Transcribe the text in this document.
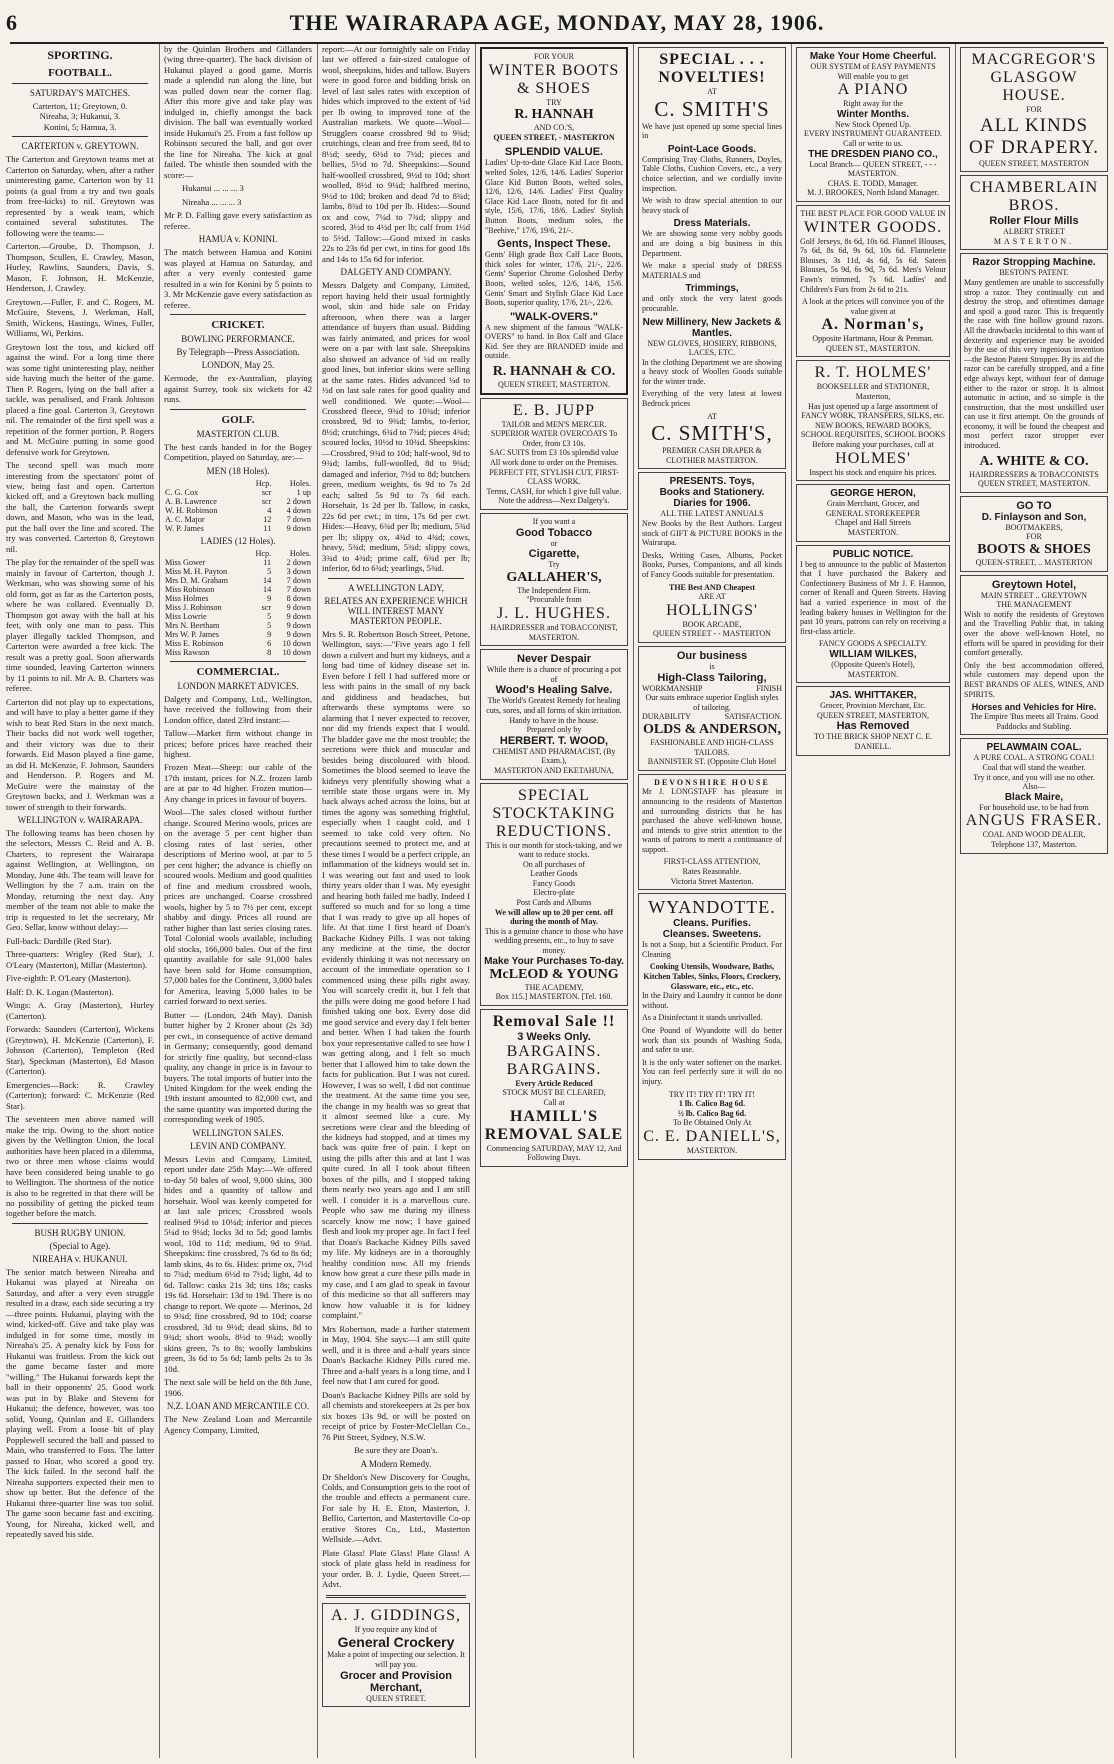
6	THE WAIRARAPA AGE, MONDAY, MAY 28, 1906.
SPORTING.
FOOTBALL.
SATURDAY'S MATCHES.
Carterton, 11; Greytown, 0.
Nireaha, 3; Hukanui, 3.
Konini, 5; Hamua, 3.
CARTERTON v. GREYTOWN.

The Carterton and Greytown teams met at Carterton on Saturday, when, after a rather uninteresting game, Carterton won by 11 points (a goal from a try and two goals from free-kicks) to nil. Greytown was represented by a weak team, which contained several substitutes. The following were the teams:—

Carterton.—Groube, D. Thompson, J. Thompson, Scullen, E. Crawley, Mason, Hurley, Rawlins, Saunders, Davis, S. Mason, F. Johnson, H. McKenzie, Henderson, J. Crawley.

Greytown.—Fuller, F. and C. Rogers, M. McGuire, Stevens, J. Werkman, Hall, Smith, Wickens, Hastings, Wines, Fuller, Williams, Wi, Perkins.

Greytown lost the toss, and kicked off against the wind. For a long time there was some tight uninteresting play, neither side having much the better of the game. Then P. Rogers, lying on the ball after a tackle, was penalised, and Frank Johnson placed a fine goal. Carterton 3, Greytown nil. The remainder of the first spell was a repetition of the former portion, P. Rogers and M. McGuire putting in some good defensive work for Greytown.

The second spell was much more interesting from the spectators' point of view, being fast and open. Carterton kicked off, and a Greytown back mulling the ball, the Carterton forwards swept down, and Mason, who was in the lead, put the ball over the line and scored. The try was converted. Carterton 8, Greytown nil.

The play for the remainder of the spell was mainly in favour of Carterton, though J. Werkman, who was showing some of his old form, got as far as the Carterton posts, where he was collared. Eventually D. Thompson got away with the ball at his feet, with only one man to pass. This player illegally tackled Thompson, and Carterton were awarded a free kick. The result was a pretty goal. Soon afterwards time sounded, leaving Carterton winners by 11 points to nil. Mr A. B. Charters was referee.

Carterton did not play up to expectations, and will have to play a better game if they wish to beat Red Stars in the next match. Their backs did not work well together, and their victory was due to their forwards. Eid Mason played a fine game, as did H. McKenzie, F. Johnson, Saunders and Henderson. P. Rogers and M. McGuire were the mainstay of the Greytown backs, and J. Werkman was a tower of strength to their forwards.

WELLINGTON v. WAIRARAPA.

The following teams has been chosen by the selectors, Messrs C. Reid and A. B. Charters, to represent the Wairarapa against Wellington, at Wellington, on Monday, June 4th. The team will leave for Wellington by the 7 a.m. train on the Monday, returning the next day. Any member of the team not able to make the trip is requested to let the secretary, Mr Geo. Sellar, know without delay:—

Full-back: Dardille (Red Star).

Three-quarters: Wrigley (Red Star), J. O'Leary (Masterton), Millar (Masterton).

Five-eighth: P. O'Leary (Masterton).

Half: D. K. Logan (Masterton).

Wings: A. Gray (Masterton), Hurley (Carterton).

Forwards: Saunders (Carterton), Wickens (Greytown), H. McKenzie (Carterton), F. Johnson (Carterton), Templeton (Red Star), Speckman (Masterton), Ed Mason (Carterton).

Emergencies—Back: R. Crawley (Carterton); forward: C. McKenzie (Red Star).

The seventeen men above named will make the trip. Owing to the short notice given by the Wellington Union, the local authorities have been placed in a dilemma, two or three men whose claims would have been considered being unable to go to Wellington. The shortness of the notice is also to be regretted in that there will be no possibility of getting the picked team together before the match.

BUSH RUGBY UNION.
(Special to Age).
NIREAHA v. HUKANUI.

The senior match between Nireaha and Hukanui was played at Nireaha on Saturday, and after a very even struggle resulted in a draw, each side securing a try—three points. Hukanui, playing with the wind, kicked-off. Give and take play was indulged in for some time, mostly in Nireaha's 25. A penalty kick by Foss for Hukanui was fruitless. From the kick out the game became faster and more "willing." The Hukanui forwards kept the ball in their opponents' 25. Good work was put in by Blake and Stevens for Hukanui; the defence, however, was too solid, Young, Quinlan and E. Gillanders playing well. From a loose bit of play Popplewell secured the ball and passed to Main, who transferred to Foss. The latter passed to Hoar, who scored a good try. The kick failed. In the second half the Nireaha supporters expected their men to show up better. But the defence of the Hukanui three-quarter line was too solid. The game soon became fast and exciting. Young, for Nireaha, kicked well, and repeatedly saved his side.

by the Quinlan Brothers and Gillanders (wing three-quarter). The back division of Hukanui played a good game. Morris made a splendid run along the line, but was pulled down near the corner flag. After this more give and take play was indulged in, chiefly amongst the back division. The ball was eventually worked inside Hukanui's 25. From a fast follow up Robinson secured the ball, and got over the line for Nireaha. The kick at goal failed. The whistle then sounded with the score:—

Hukanui ... ... ... 3
Nireaha ... ... ... 3

Mr P. D. Falling gave every satisfaction as referee.

HAMUA v. KONINI.

The match between Hamua and Konini was played at Hamua on Saturday, and after a very evenly contested game resulted in a win for Konini by 5 points to 3. Mr McKenzie gave every satisfaction as referee.

CRICKET.
BOWLING PERFORMANCE.
By Telegraph—Press Association.
LONDON, May 25.

Kermode, the ex-Australian, playing against Surrey, took six wickets for 42 runs.

GOLF.
MASTERTON CLUB.

The best cards handed in for the Bogey Competition, played on Saturday, are:—

MEN (18 Holes).
	Hcp.	Holes.
C. G. Cox	scr	1 up
A. B. Lawrence	scr	2 down
W. H. Robinson	4	4 down
A. C. Major	12	7 down
W. P. James	11	9 down
LADIES (12 Holes).
	Hcp.	Holes.
Miss Gower	11	2 down
Miss M. H. Payton	5	3 down
Mrs D. M. Graham	14	7 down
Miss Robinson	14	7 down
Miss Holmes	9	8 down
Miss J. Robinson	scr	9 down
Miss Lowrie	5	9 down
Mrs N. Beetham	5	9 down
Mrs W. P. James	9	9 down
Miss E. Robinson	6	10 down
Miss Rawson	8	10 down
COMMERCIAL.
LONDON MARKET ADVICES.

Dalgety and Company, Ltd., Wellington, have received the following from their London office, dated 23rd instant:—

Tallow—Market firm without change in prices; before prices have reached their highest.

Frozen Meat—Sheep: our cable of the 17th instant, prices for N.Z. frozen lamb are at par to 4d higher. Frozen mutton—Any change in prices in favour of buyers.

Wool—The sales closed without further change. Scoured Merino wools, prices are on the average 5 per cent higher than closing rates of last series, other descriptions of Merino wool, at par to 5 per cent higher; the advance is chiefly on scoured wools. Medium and good qualities of fine and medium crossbred wools, prices are unchanged. Coarse crossbred wools, higher by 5 to 7½ per cent, except shabby and dingy. Prices all round are rather higher than last series closing rates. Total Colonial wools available, including old stocks, 166,000 bales. Out of the first quantity available for sale 91,000 bales have been sold for Home consumption, 57,000 bales for the Continent, 3,000 bales for America, leaving 5,000 bales to be carried forward to next series.

Butter — (London, 24th May). Danish butter higher by 2 Kroner about (2s 3d) per cwt., in consequence of active demand in Germany; consequently, good demand for strictly fine quality, but second-class quality, any change in price is in favour to buyers. The total imports of butter into the United Kingdom for the week ending the 19th instant amounted to 82,000 cwt, and the same quantity was imported during the corresponding week of 1905.

WELLINGTON SALES.
LEVIN AND COMPANY.

Messrs Levin and Company, Limited, report under date 25th May:—We offered to-day 50 bales of wool, 9,000 skins, 300 hides and a quantity of tallow and horsehair. Wool was keenly competed for at last sale prices; Crossbred wools realised 9½d to 10¼d; inferior and pieces 5¼d to 9¼d; locks 3d to 5d; good lambs wool, 10d to 11d; medium, 9d to 9¾d. Sheepskins: fine crossbred, 7s 6d to 8s 6d; lamb skins, 4s to 6s. Hides: prime ox, 7½d to 7¾d; medium 6½d to 7½d; light, 4d to 6d. Tallow: casks 21s 3d; tins 18s; casks 19s 6d. Horsehair: 13d to 19d. There is no change to report. We quote — Merinos, 2d to 9¾d; fine crossbred, 9d to 10d; coarse crossbred, 3d to 9½d; dead skins, 8d to 9¾d; short wools, 8½d to 9¼d; woolly skins green, 7s to 8s; woolly lambskins green, 3s 6d to 5s 6d; lamb pelts 2s to 3s 10d.

The next sale will be held on the 8th June, 1906.

N.Z. LOAN AND MERCANTILE CO.

The New Zealand Loan and Mercantile Agency Company, Limited,

report:—At our fortnightly sale on Friday last we offered a fair-sized catalogue of wool, sheepskins, hides and tallow. Buyers were in good force and bidding brisk on level of last sales rates with exception of hides which improved to the extent of ¼d per lb owing to improved tone of the Australian markets. We quote—Wool—Strugglers coarse crossbred 9d to 9¾d; crutchings, clean and free from seed, 8d to 8½d; seedy, 6½d to 7½d; pieces and bellies, 5½d to 7d. Sheepskins:—Sound half-woolled crossbred, 9½d to 10d; short woolled, 8½d to 9¼d; halfbred merino, 9½d to 10d; broken and dead 7d to 8¾d; lambs, 8¾d to 10d per lb. Hides:—Sound ox and cow, 7¼d to 7¾d; slippy and scored, 3½d to 4½d per lb; calf from 1½d to 5½d. Tallow:—Good mixed in casks 22s to 23s 6d per cwt, in tins for good 18s and 14s to 15s 6d for inferior.

DALGETY AND COMPANY.

Messrs Dalgety and Company, Limited, report having held their usual fortnightly wool, skin and hide sale on Friday afternoon, when there was a larger attendance of buyers than usual. Bidding was fairly animated, and prices for wool were on a par with last sale. Sheepskins also showed an advance of ¼d on really good lines, but inferior skins were selling at the same rates. Hides advanced ¼d to ½d on last sale rates for good quality and well conditioned. We quote:—Wool—Crossbred fleece, 9¾d to 10¾d; inferior crossbred, 9d to 9¾d; lambs, to-ferior, 8½d; crutchings, 6¾d to 7¾d; pieces 4¾d; scoured locks, 10½d to 10¾d. Sheepskins:—Crossbred, 9¾d to 10d; half-wool, 9d to 9¾d; lambs, full-woolled, 8d to 9¾d; damaged and inferior, 7½d to 8d; butchers green, medium weights, 6s 9d to 7s 2d each; salted 5s 9d to 7s 6d each. Horsehair, 1s 2d per lb. Tallow, in casks, 22s 6d per cwt.; in tins, 17s 6d per cwt. Hides:—Heavy, 6¾d per lb; medium, 5¾d per lb; slippy ox, 4¾d to 4¾d; cows, heavy, 5¾d; medium, 5¾d; slippy cows, 3¾d to 4¾d; prime calf, 6¾d per lb; inferior, 6d to 6¾d; yearlings, 5¾d.

A WELLINGTON LADY,
RELATES AN EXPERIENCE WHICH WILL INTEREST MANY MASTERTON PEOPLE.

Mrs S. R. Robertson Bosch Street, Petone, Wellington, says:—"Five years ago I fell down a culvert and hurt my kidneys, and a long bad time of kidney disease set in. Even before I fell I had suffered more or less with pains in the small of my back and giddiness and headaches, but afterwards these symptoms were so alarming that I never expected to recover, nor did my friends expect that I would. The bladder gave me the most trouble; the secretions were thick and muscular and besides being discoloured with blood. Sometimes the blood seemed to leave the kidneys very plentifully showing what a terrible state those organs were in. My back always ached across the loins, but at times the agony was something frightful, especially when I caught cold, and I seemed to take cold very often. No precautions seemed to protect me, and at these times I would be a perfect cripple, an inflammation of the kidneys would set in. I was wearing out fast and used to look thirty years older than I was. My eyesight and hearing both failed me badly. Indeed I suffered so much and for so long a time that I was ready to give up all hopes of life. At that time I first heard of Doan's Backache Kidney Pills. I was not taking any medicine at the time, the doctor evidently thinking it was not necessary on account of the immediate operation so I commenced using these pills right away. You will scarcely credit it, but I felt that the pills were doing me good before I had finished taking one box. Every dose did me good service and every day I felt better and better. When I had taken the fourth box your representative called to see how I was getting along, and I felt so much better that I allowed him to take down the facts for publication. But I was not cured. However, I was so well, I did not continue the treatment. At the same time you see, the change in my health was so great that it almost seemed like a cure. My secretions were clear and the bleeding of the kidneys had stopped, and at times my back was quite free of pain. I kept on using the pills after this and at last I was quite cured. In all I took about fifteen boxes of the pills, and I stopped taking them nearly two years ago and I am still well. I consider it is a marvellous cure. People who saw me during my illness scarcely know me now; I have gained flesh and look my proper age. In fact I feel that Doan's Backache Kidney Pills saved my life. My kidneys are in a thoroughly healthy condition now. All my friends know how great a cure these pills made in my case, and I am glad to speak in favour of this medicine so that all sufferers may know how valuable it is for kidney complaint."

Mrs Robertson, made a further statement in May, 1904. She says:—I am still quite well, and it is three and a-half years since Doan's Backache Kidney Pills cured me. Three and a-half years is a long time, and I feel now that I am cured for good.

Doan's Backache Kidney Pills are sold by all chemists and storekeepers at 2s per box six boxes 13s 9d, or will be posted on receipt of price by Foster-McClellan Co., 76 Pitt Street, Sydney, N.S.W.

Be sure they are Doan's.

A Modern Remedy.

Dr Sheldon's New Discovery for Coughs, Colds, and Consumption gets to the root of the trouble and effects a permanent cure. For sale by H. E. Eton, Masterton, J. Bellio, Carterton, and Mastertoville Co-op erative Stores Co., Ltd., Masterton Wellside.—Advt.

Plate Glass! Plate Glass! Plate Glass! A stock of plate glass held in readiness for your order. B. J. Lydie, Queen Street.—Advt.

A. J. GIDDINGS,
If you require any kind of
General Crockery
Make a point of inspecting our selection. It will pay you.
Grocer and Provision Merchant,
QUEEN STREET.
FOR YOUR
WINTER BOOTS & SHOES
TRY
R. HANNAH
AND CO.'S,
QUEEN STREET, - MASTERTON
SPLENDID VALUE.
Ladies' Up-to-date Glace Kid Lace Boots, welted Soles, 12/6, 14/6. Ladies' Superior Glace Kid Button Boots, welted soles, 12/6, 12/6, 14/6. Ladies' First Quality Glace Kid Lace Boots, noted for fit and style, 15/6, 17/6, 18/6. Ladies' Stylish Button Boots, medium soles, the "Beehive," 17/6, 19/6, 21/-.
Gents, Inspect These.
Gents' High grade Box Calf Lace Boots, thick soles for winter, 17/6, 21/-, 22/6. Gents' Superior Chrome Goloshed Derby Boots, welted soles, 12/6, 14/6, 15/6. Gents' Smart and Stylish Glace Kid Lace Boots, superior quality, 17/6, 21/-, 22/6.
"WALK-OVERS."
A new shipment of the famous "WALK-OVERS" to hand. In Box Calf and Glace Kid. See they are BRANDED inside and outside.
R. HANNAH & CO.
QUEEN STREET, MASTERTON.
E. B. JUPP
TAILOR and MEN'S MERCER.
SUPERIOR WATER OVERCOATS To Order, from £3 10s.
SAC SUITS from £3 10s splendid value
All work done to order on the Premises.
PERFECT FIT, STYLISH CUT, FIRST-CLASS WORK.
Terms, CASH, for which I give full value.
Note the address—Next Dalgety's.
If you want a
Good Tobacco
or
Cigarette,
Try
GALLAHER'S,
The Independent Firm.
"Procurable from
J. L. HUGHES.
HAIRDRESSER and TOBACCONIST, MASTERTON.
Never Despair
While there is a chance of procuring a pot of
Wood's Healing Salve.
The World's Greatest Remedy for healing cuts, sores, and all forms of skin irritation. Handy to have in the house.
Prepared only by
HERBERT. T. WOOD,
CHEMIST AND PHARMACIST, (By Exam.),
MASTERTON AND EKETAHUNA,
SPECIAL STOCKTAKING REDUCTIONS.
This is our month for stock-taking, and we want to reduce stocks.
On all purchases of
Leather Goods
Fancy Goods
Electro-plate
Post Cards and Albums
We will allow up to 20 per cent. off during the month of May.
This is a genuine chance to those who have wedding presents, etc., to buy to save money.
Make Your Purchases To-day.
McLEOD & YOUNG
THE ACADEMY,
Box 115.] MASTERTON. [Tel. 160.
Removal Sale !!
3 Weeks Only.
BARGAINS. BARGAINS.
Every Article Reduced
STOCK MUST BE CLEARED,
Call at
HAMILL'S REMOVAL SALE
Commencing SATURDAY, MAY 12, And Following Days.
SPECIAL . . . NOVELTIES!
AT
C. SMITH'S
We have just opened up some special lines in
Point-Lace Goods.
Comprising Tray Cloths, Runners, Doyles, Table Cloths, Cushion Covers, etc., a very choice selection, and we cordially invite inspection.
We wish to draw special attention to our heavy stock of
Dress Materials.
We are showing some very nobby goods and are doing a big business in this Department.
We make a special study of DRESS MATERIALS and
Trimmings,
and only stock the very latest goods procurable.
New Millinery, New Jackets & Mantles.
NEW GLOVES, HOSIERY, RIBBONS, LACES, ETC.
In the clothing Department we are showing a heavy stock of Woollen Goods suitable for the winter trade.
Everything of the very latest at lowest Bedrock prices
AT
C. SMITH'S,
PREMIER CASH DRAPER & CLOTHIER MASTERTON.
PRESENTS. Toys,
Books and Stationery.
Diaries for 1906.
ALL THE LATEST ANNUALS
New Books by the Best Authors. Largest stock of GIFT & PICTURE BOOKS in the Wairarapa.
Desks, Writing Cases, Albums, Pocket Books, Purses, Companions, and all kinds of Fancy Goods suitable for presentation.
THE Best AND Cheapest
ARE AT
HOLLINGS'
BOOK ARCADE,
QUEEN STREET - - MASTERTON
Our business
is
High-Class Tailoring,
WORKMANSHIP	FINISH
Our suits embrace superior English styles of tailoring.
DURABILITY	SATISFACTION.
OLDS & ANDERSON,
FASHIONABLE AND HIGH-CLASS TAILORS.
BANNISTER ST. (Opposite Club Hotel
DEVONSHIRE HOUSE
Mr J. LONGSTAFF has pleasure in announcing to the residents of Masterton and surrounding districts that he has purchased the above well-known house, and intends to give strict attention to the wants of patrons to merit a continuance of support.
FIRST-CLASS ATTENTION,
Rates Reasonable.
Victoria Street Masterton.
WYANDOTTE.
Cleans. Purifies.
Cleanses. Sweetens.
Is not a Soap, but a Scientific Product. For Cleaning
Cooking Utensils, Woodware, Baths, Kitchen Tables, Sinks, Floors, Crockery, Glassware, etc., etc., etc.
In the Dairy and Laundry it cannot be done without.
As a Disinfectant it stands unrivalled.
One Pound of Wyandotte will do better work than six pounds of Washing Soda, and safer to use.
It is the only water softener on the market. You can feel perfectly sure it will do no injury.
TRY IT! TRY IT! TRY IT!
1 lb. Calico Bag 6d.
½ lb. Calico Bag 6d.
To Be Obtained Only At
C. E. DANIELL'S,
MASTERTON.
Make Your Home Cheerful.
OUR SYSTEM of EASY PAYMENTS
Will enable you to get
A PIANO
Right away for the
Winter Months.
New Stock Opened Up.
EVERY INSTRUMENT GUARANTEED.
Call or write to us.
THE DRESDEN PIANO CO.,
Local Branch— QUEEN STREET, - - - MASTERTON.
CHAS. E. TODD, Manager.
M. J. BROOKES, North Island Manager.
THE BEST PLACE FOR GOOD VALUE IN
WINTER GOODS.
Golf Jerseys, 8s 6d, 10s 6d. Flannel Blouses, 7s 6d, 8s 6d, 9s 6d, 10s 6d. Flannelette Blouses, 3s 11d, 4s 6d, 5s 6d. Sateen Blouses, 5s 9d, 6s 9d, 7s 6d. Men's Velour Fawn's trimmed, 7s 6d. Ladies' and Children's Furs from 2s 6d to 21s.
A look at the prices will convince you of the value given at
A. Norman's,
Opposite Hartmann, Hour & Penman.
QUEEN ST., MASTERTON.
R. T. HOLMES'
BOOKSELLER and STATIONER, Masterton,
Has just opened up a large assortment of
FANCY WORK, TRANSFERS, SILKS, etc. NEW BOOKS, REWARD BOOKS, SCHOOL REQUISITES, SCHOOL BOOKS
Before making your purchases, call at
HOLMES'
Inspect his stock and enquire his prices.
GEORGE HERON,
Grain Merchant, Grocer, and
GENERAL STOREKEEPER
Chapel and Hall Streets
MASTERTON.
PUBLIC NOTICE.
I beg to announce to the public of Masterton that I have purchased the Bakery and Confectionery Business of Mr J. F. Hannon, corner of Renall and Queen Streets. Having had a varied experience in most of the leading bakery houses in Wellington for the past 10 years, patrons can rely on receiving a first-class article.
FANCY GOODS A SPECIALTY.
WILLIAM WILKES,
(Opposite Queen's Hotel),
MASTERTON.
JAS. WHITTAKER,
Grocer, Provision Merchant, Etc.
QUEEN STREET, MASTERTON,
Has Removed
TO THE BRICK SHOP NEXT C. E. DANIELL.
MACGREGOR'S
GLASGOW HOUSE.
FOR
ALL KINDS OF DRAPERY.
QUEEN STREET, MASTERTON
CHAMBERLAIN BROS.
Roller Flour Mills
ALBERT STREET
MASTERTON.
Razor Stropping Machine.
BESTON'S PATENT.
Many gentlemen are unable to successfully strop a razor. They continually cut and destroy the strop, and oftentimes damage and spoil a good razor. This is frequently the case with fine hollow ground razors. All the drawbacks incidental to this want of dexterity and experience may be avoided by the use of this very ingenious invention—the Beston Patent Stropper. By its aid the razor can be carefully stropped, and a fine edge always kept, without fear of damage either to the razor or strop. It is almost automatic in action, and so simple is the construction, that the most unskilled user can use it first attempt. On the grounds of economy, it will be found the cheapest and most perfect razor stropper ever introduced.
A. WHITE & CO.
HAIRDRESSERS & TOBACCONISTS QUEEN STREET, MASTERTON.
GO TO
D. Finlayson and Son,
BOOTMAKERS,
FOR
BOOTS & SHOES
QUEEN-STREET, .. MASTERTON
Greytown Hotel,
MAIN STREET .. GREYTOWN
THE MANAGEMENT
Wish to notify the residents of Greytown and the Travelling Public that, in taking over the above well-known Hotel, no efforts will be spared in providing for their comfort generally.
Only the best accommodation offered, while customers may depend upon the BEST BRANDS OF ALES, WINES, AND SPIRITS.
Horses and Vehicles for Hire.
The Empire 'Bus meets all Trains. Good Paddocks and Stabling.
PELAWMAIN COAL.
A PURE COAL. A STRONG COAL!
Coal that will stand the weather.
Try it once, and you will use no other.
Also—
Black Maire,
For household use, to be had from
ANGUS FRASER.
COAL AND WOOD DEALER,
Telephone 137, Masterton.
